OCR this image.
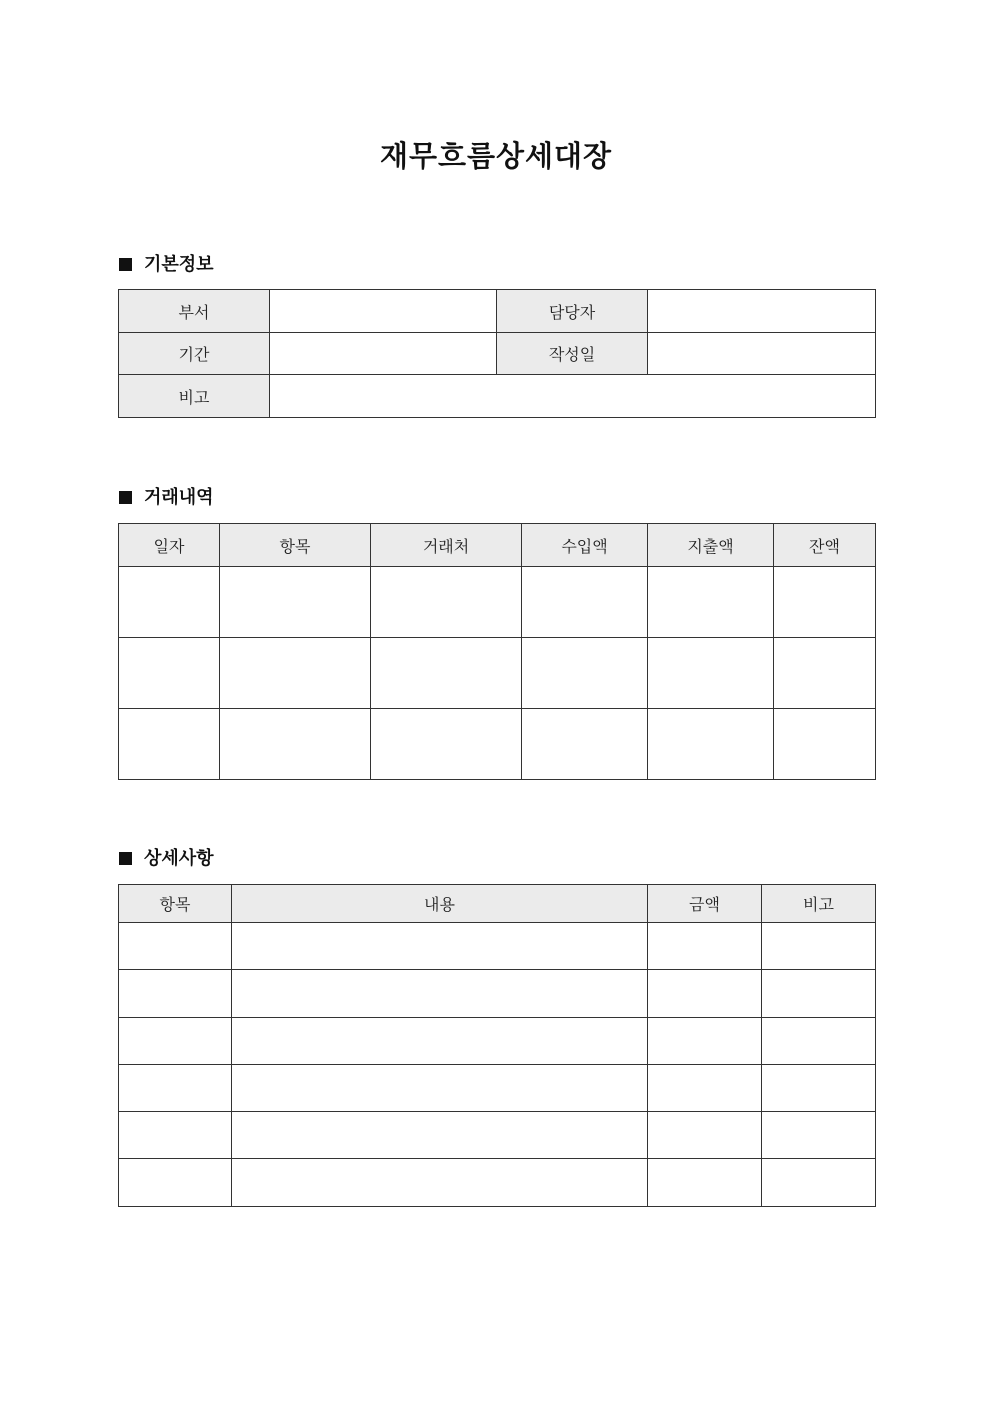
재무흐름상세대장
기본정보
부서		담당자	
기간		작성일	
비고			
거래내역
일자	항목	거래처	수입액	지출액	잔액

상세사항
항목	내용	금액	비고
